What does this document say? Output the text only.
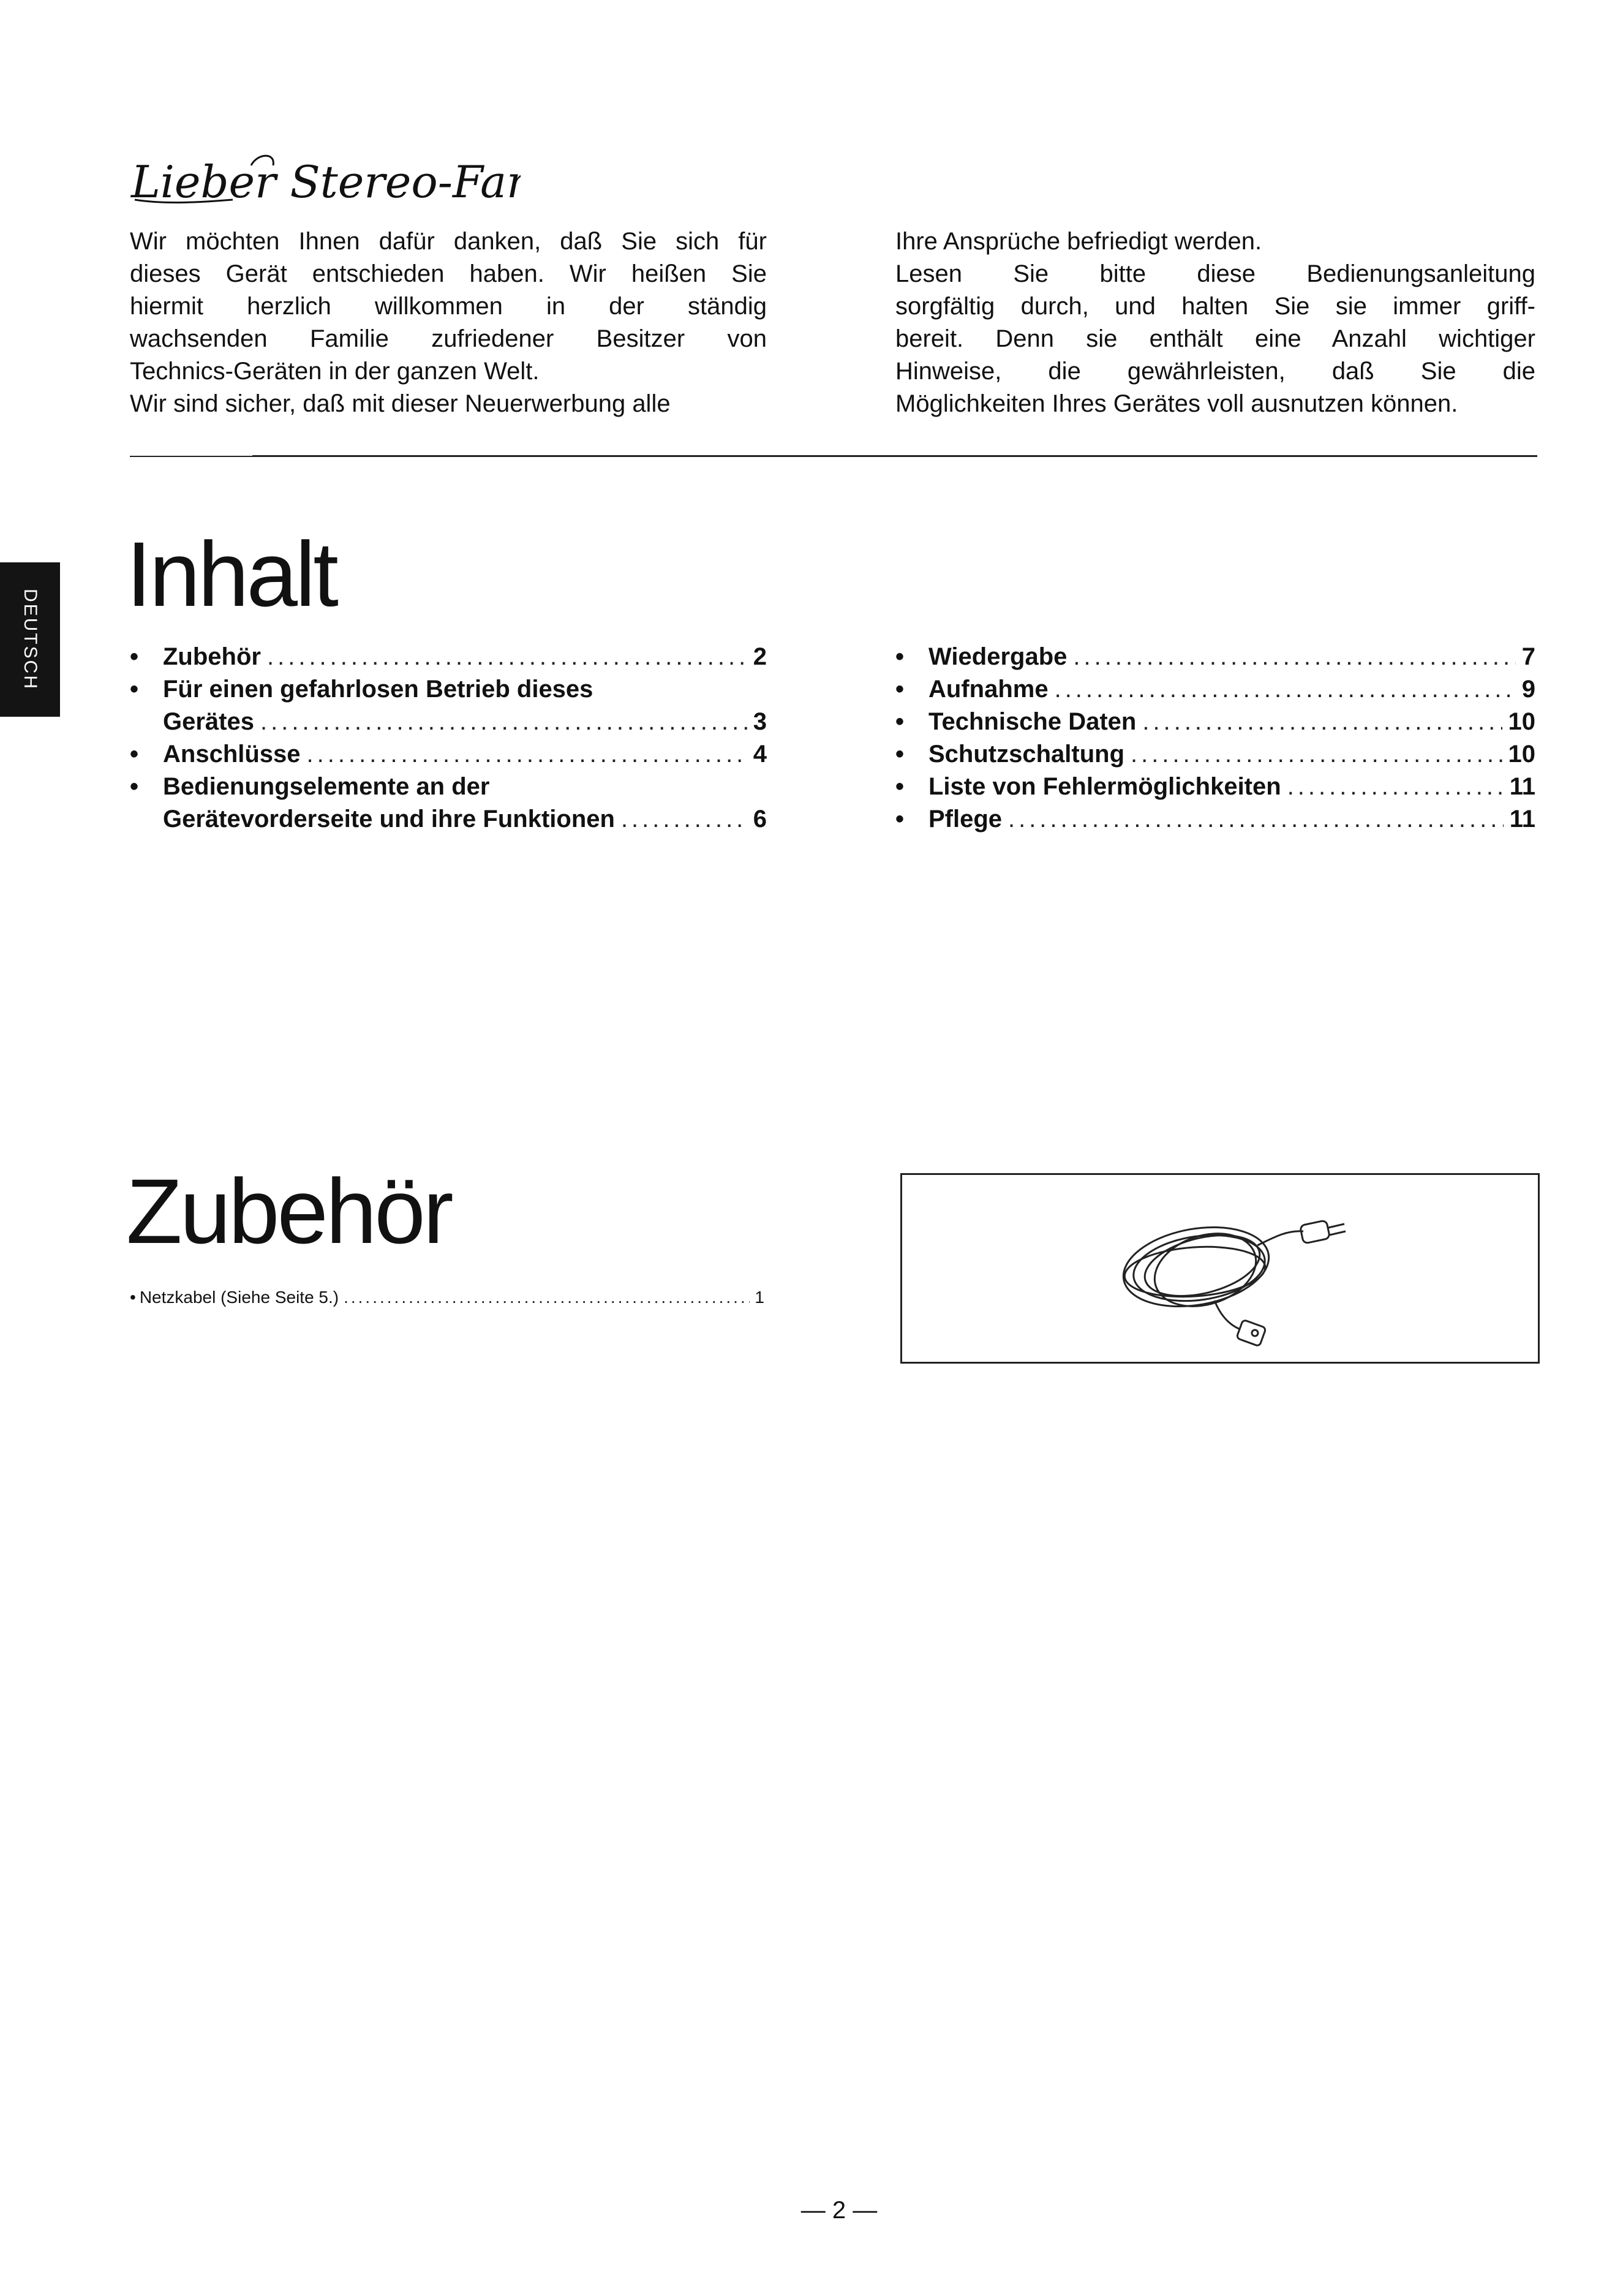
Lieber Stereo-Fan

Wir möchten Ihnen dafür danken, daß Sie sich für

dieses Gerät entschieden haben. Wir heißen Sie

hiermit herzlich willkommen in der ständig

wachsenden Familie zufriedener Besitzer von

Technics-Geräten in der ganzen Welt.

Wir sind sicher, daß mit dieser Neuerwerbung alle

Ihre Ansprüche befriedigt werden.

Lesen Sie bitte diese Bedienungsanleitung

sorgfältig durch, und halten Sie sie immer griff-

bereit. Denn sie enthält eine Anzahl wichtiger

Hinweise, die gewährleisten, daß Sie die

Möglichkeiten Ihres Gerätes voll ausnutzen können.

DEUTSCH
Inhalt
• Zubehör .....	2
• Für einen gefahrlosen Betrieb dieses
Gerätes .....	3
• Anschlüsse .....	4
• Bedienungselemente an der
Gerätevorderseite und ihre Funktionen .....	6
• Wiedergabe .....	7
• Aufnahme .....	9
• Technische Daten .....	10
• Schutzschaltung .....	10
• Liste von Fehlermöglichkeiten .....	11
• Pflege .....	11
Zubehör
• Netzkabel (Siehe Seite 5.) .....	1
— 2 —
